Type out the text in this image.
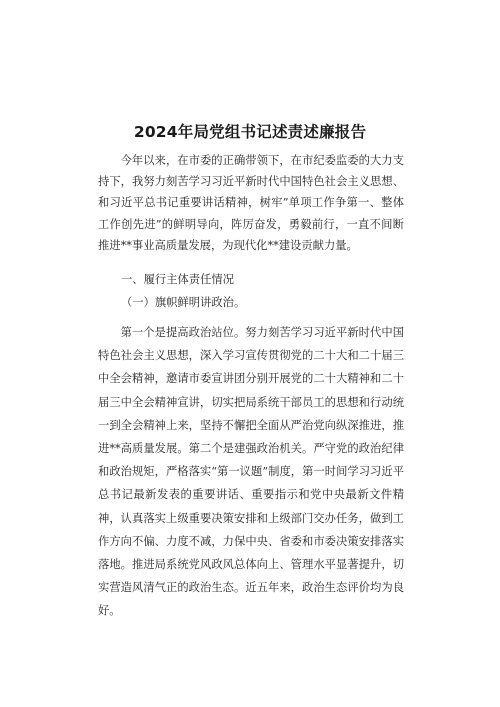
2024年局党组书记述责述廉报告

今年以来，在市委的正确带领下，在市纪委监委的大力支持下，我努力刻苦学习习近平新时代中国特色社会主义思想、和习近平总书记重要讲话精神，树牢”单项工作争第一、整体工作创先进”的鲜明导向，阵厉奋发，勇毅前行，一直不间断推进**事业高质量发展，为现代化**建设贡献力量。

一、履行主体责任情况

（一）旗帜鲜明讲政治。

第一个是提高政治站位。努力刻苦学习习近平新时代中国特色社会主义思想，深入学习宣传贯彻党的二十大和二十届三中全会精神，邀请市委宣讲团分别开展党的二十大精神和二十届三中全会精神宣讲，切实把局系统干部员工的思想和行动统一到全会精神上来，坚持不懈把全面从严治党向纵深推进，推进**高质量发展。第二个是建强政治机关。严守党的政治纪律和政治规矩，严格落实“第一议题”制度，第一时间学习习近平总书记最新发表的重要讲话、重要指示和党中央最新文件精神，认真落实上级重要决策安排和上级部门交办任务，做到工作方向不偏、力度不减，力保中央、省委和市委决策安排落实落地。推进局系统党风政风总体向上、管理水平显著提升，切实营造风清气正的政治生态。近五年来，政治生态评价均为良好。
